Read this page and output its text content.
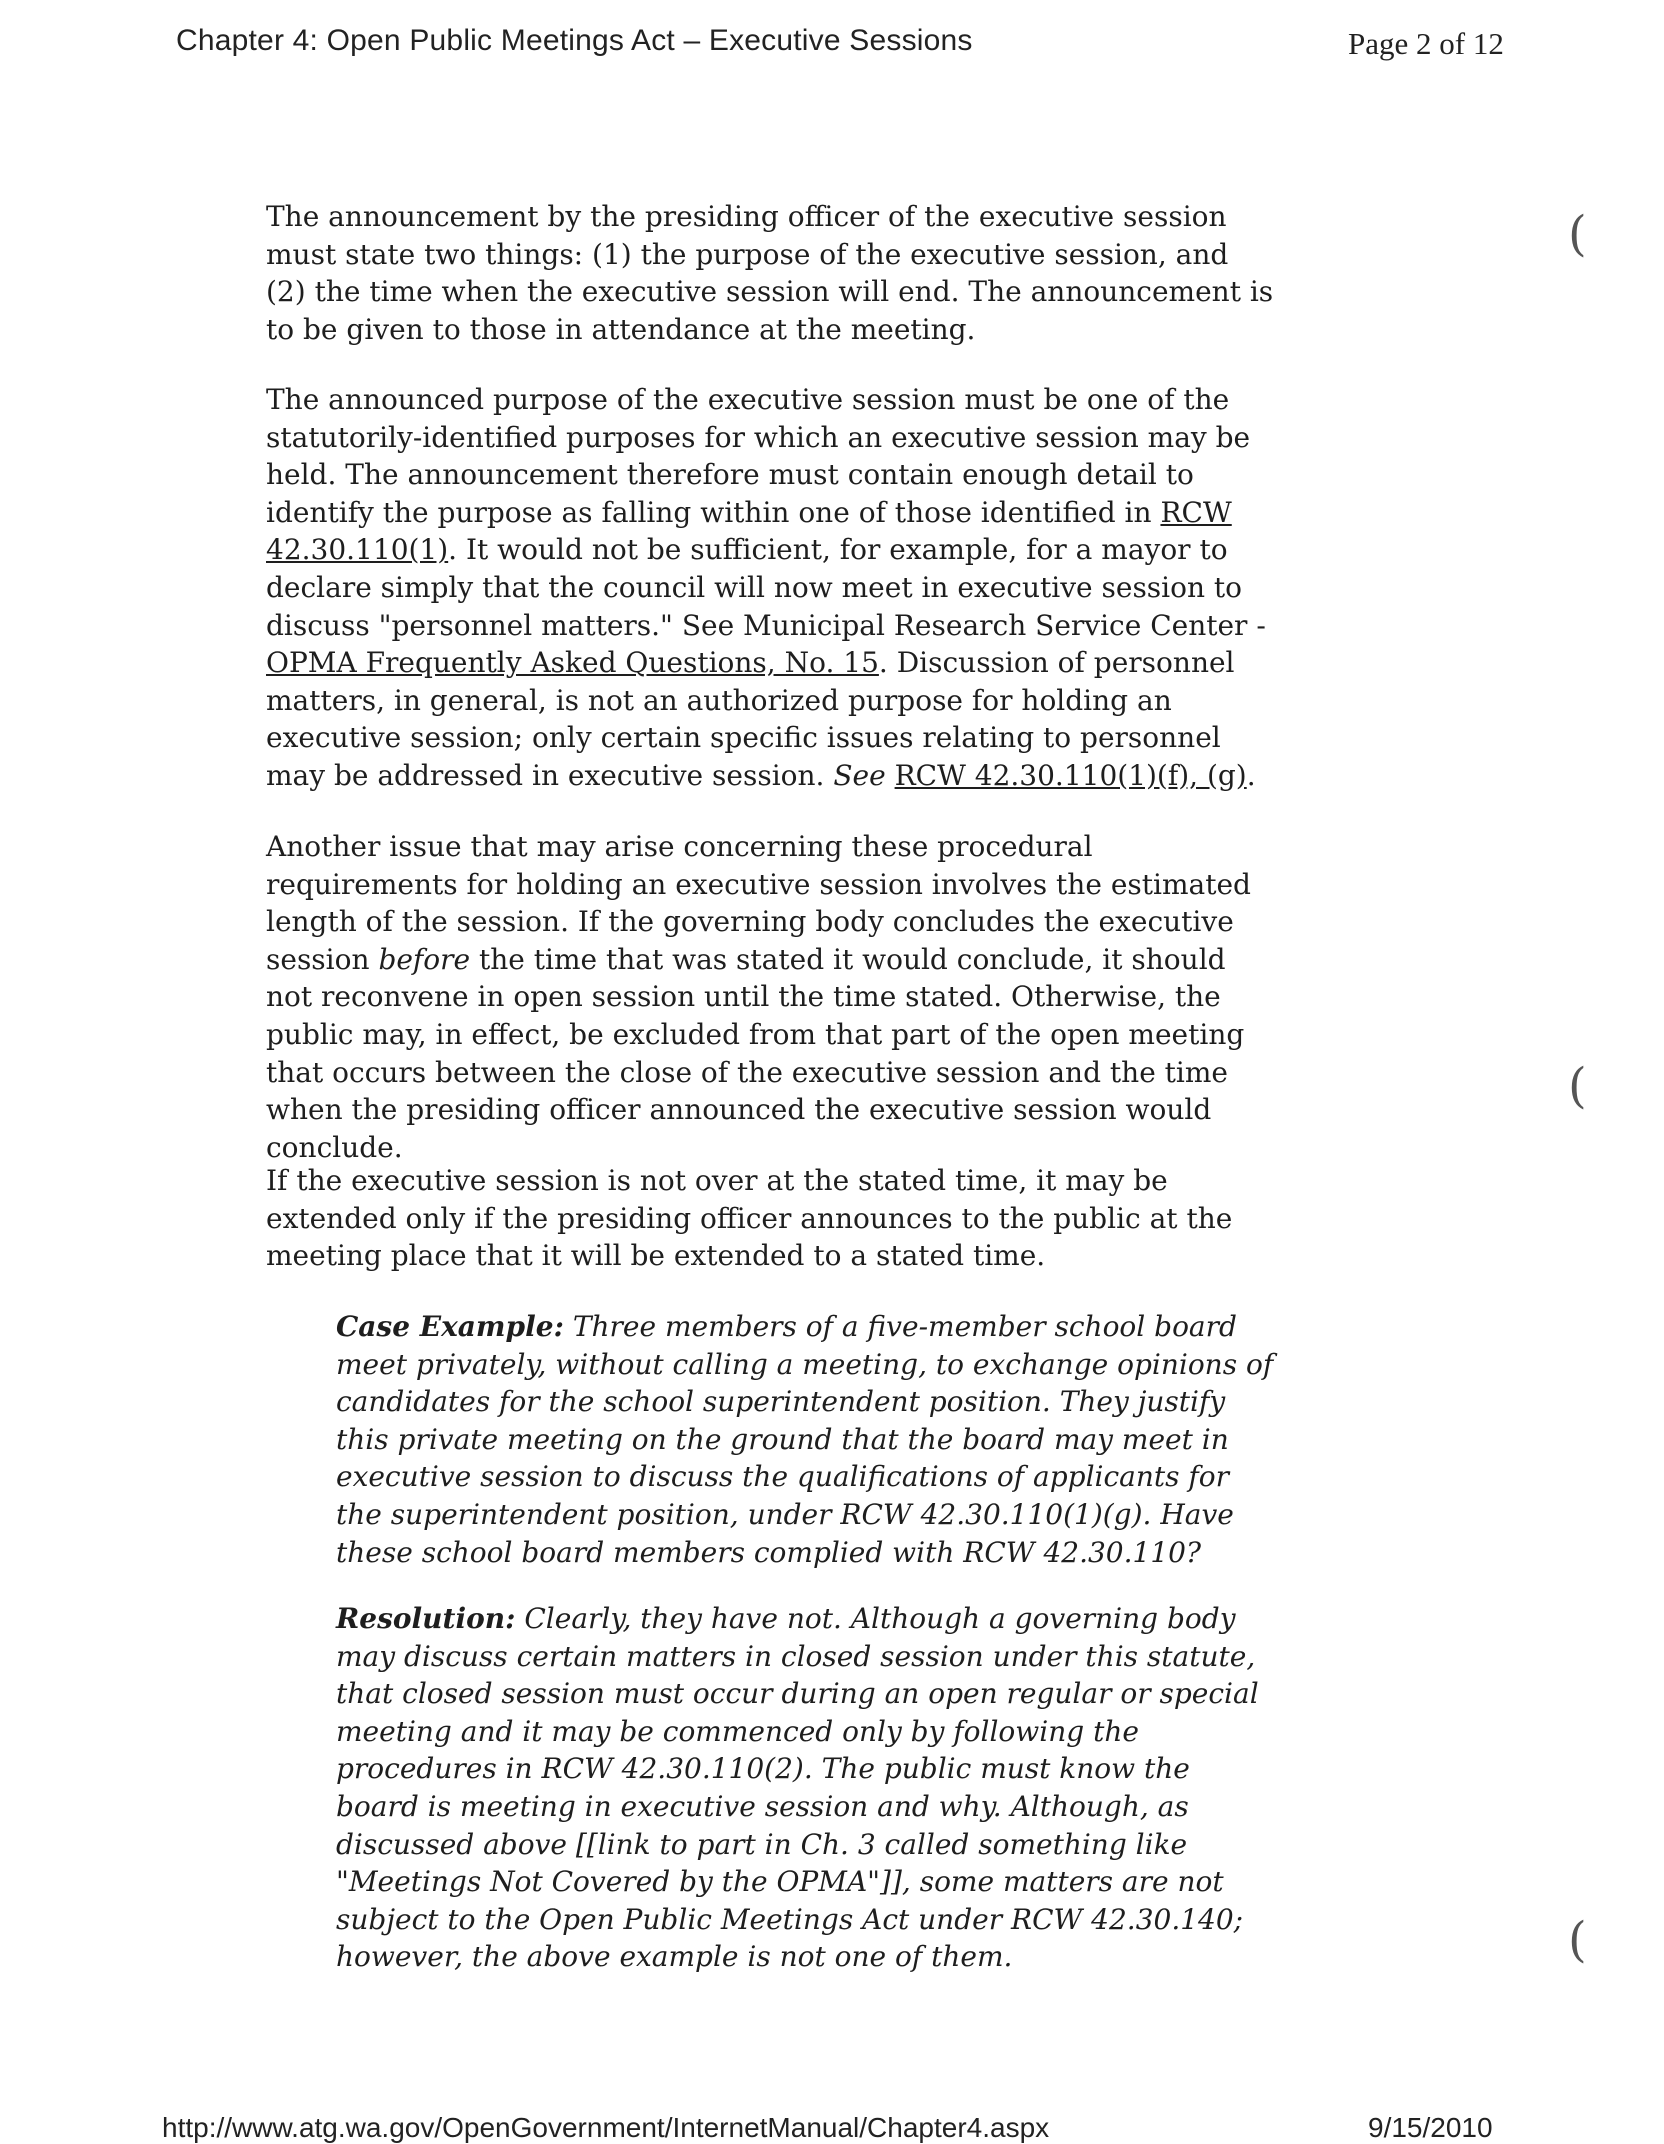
Chapter 4: Open Public Meetings Act – Executive Sessions	Page 2 of 12

The announcement by the presiding officer of the executive session must state two things: (1) the purpose of the executive session, and (2) the time when the executive session will end. The announcement is to be given to those in attendance at the meeting.

The announced purpose of the executive session must be one of the statutorily-identified purposes for which an executive session may be held. The announcement therefore must contain enough detail to identify the purpose as falling within one of those identified in RCW 42.30.110(1). It would not be sufficient, for example, for a mayor to declare simply that the council will now meet in executive session to discuss "personnel matters." See Municipal Research Service Center - OPMA Frequently Asked Questions, No. 15. Discussion of personnel matters, in general, is not an authorized purpose for holding an executive session; only certain specific issues relating to personnel may be addressed in executive session. See RCW 42.30.110(1)(f), (g).

Another issue that may arise concerning these procedural requirements for holding an executive session involves the estimated length of the session. If the governing body concludes the executive session before the time that was stated it would conclude, it should not reconvene in open session until the time stated. Otherwise, the public may, in effect, be excluded from that part of the open meeting that occurs between the close of the executive session and the time when the presiding officer announced the executive session would conclude.

If the executive session is not over at the stated time, it may be extended only if the presiding officer announces to the public at the meeting place that it will be extended to a stated time.

Case Example: Three members of a five-member school board meet privately, without calling a meeting, to exchange opinions of candidates for the school superintendent position. They justify this private meeting on the ground that the board may meet in executive session to discuss the qualifications of applicants for the superintendent position, under RCW 42.30.110(1)(g). Have these school board members complied with RCW 42.30.110?

Resolution: Clearly, they have not. Although a governing body may discuss certain matters in closed session under this statute, that closed session must occur during an open regular or special meeting and it may be commenced only by following the procedures in RCW 42.30.110(2). The public must know the board is meeting in executive session and why. Although, as discussed above [[link to part in Ch. 3 called something like "Meetings Not Covered by the OPMA"]], some matters are not subject to the Open Public Meetings Act under RCW 42.30.140; however, the above example is not one of them.

(
(
(
http://www.atg.wa.gov/OpenGovernment/InternetManual/Chapter4.aspx	9/15/2010
